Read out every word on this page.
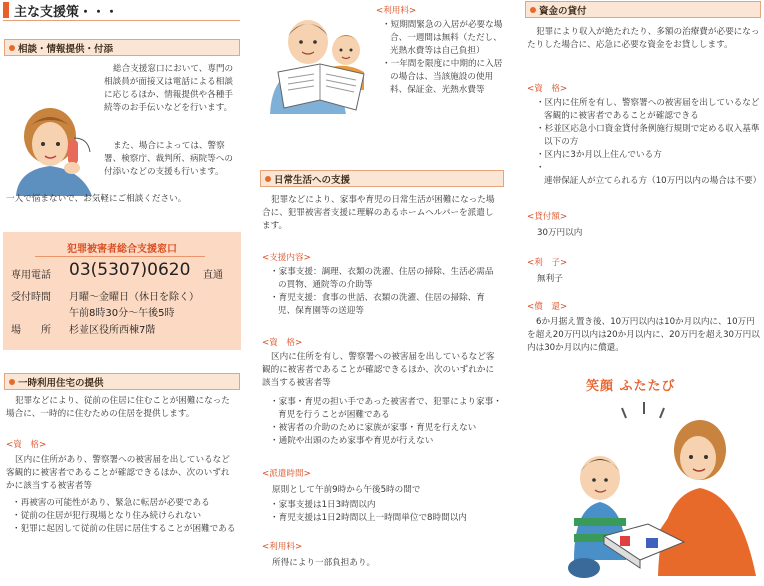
主な支援策・・・
相談・情報提供・付添
総合支援窓口において、専門の相談員が面接又は電話による相談に応じるほか、情報提供や各種手続等のお手伝いなどを行います。
また、場合によっては、警察署、検察庁、裁判所、病院等への付添いなどの支援も行います。
一人で悩まないで、お気軽にご相談ください。
犯罪被害者総合支援窓口
専用電話 03(5307)0620 直通
受付時間 月曜～金曜日（休日を除く）
午前8時30分～午後5時
場　　所 杉並区役所西棟7階
一時利用住宅の提供
犯罪などにより、従前の住居に住むことが困難になった場合に、一時的に住むための住居を提供します。
<資　格>
区内に住所があり、警察署への被害届を出しているなど客観的に被害者であることが確認できるほか、次のいずれかに該当する被害者等
・ 再被害の可能性があり、緊急に転居が必要である
・ 従前の住居が犯行現場となり住み続けられない
・ 犯罪に起因して従前の住居に居住することが困難である
<利用料>
・ 短期間緊急の入居が必要な場合、一週間は無料（ただし、光熱水費等は自己負担）
・ 一年間を限度に中期的に入居の場合は、当該施設の使用料、保証金、光熱水費等
日常生活への支援
犯罪などにより、家事や育児の日常生活が困難になった場合に、犯罪被害者支援に理解のあるホームヘルパーを派遣します。
<支援内容>
・ 家事支援：調理、衣類の洗濯、住居の掃除、生活必需品の買物、通院等の介助等
・ 育児支援：食事の世話、衣類の洗濯、住居の掃除、育児、保育園等の送迎等
<資　格>
区内に住所を有し、警察署への被害届を出しているなど客観的に被害者であることが確認できるほか、次のいずれかに該当する被害者等
・ 家事・育児の担い手であった被害者で、犯罪により家事・育児を行うことが困難である
・ 被害者の介助のために家族が家事・育児を行えない
・ 通院や出頭のため家事や育児が行えない
<派遣時間>
原則として午前9時から午後5時の間で
・ 家事支援は1日3時間以内
・ 育児支援は1日2時間以上一時間単位で8時間以内
<利用料>
所得により一部負担あり。
資金の貸付
犯罪により収入が絶たれたり、多額の治療費が必要になったりした場合に、応急に必要な資金をお貸しします。
<資　格>
・ 区内に住所を有し、警察署への被害届を出しているなど客観的に被害者であることが確認できる
・ 杉並区応急小口資金貸付条例施行規則で定める収入基準以下の方
・ 区内に3か月以上住んでいる方
・ 連帯保証人が立てられる方（10万円以内の場合は不要）
<貸付額>
30万円以内
<利　子>
無利子
<償　還>
6か月据え置き後、10万円以内は10か月以内に、10万円を超え20万円以内は20か月以内に、20万円を超え30万円以内は30か月以内に償還。
笑顔 ふたたび
